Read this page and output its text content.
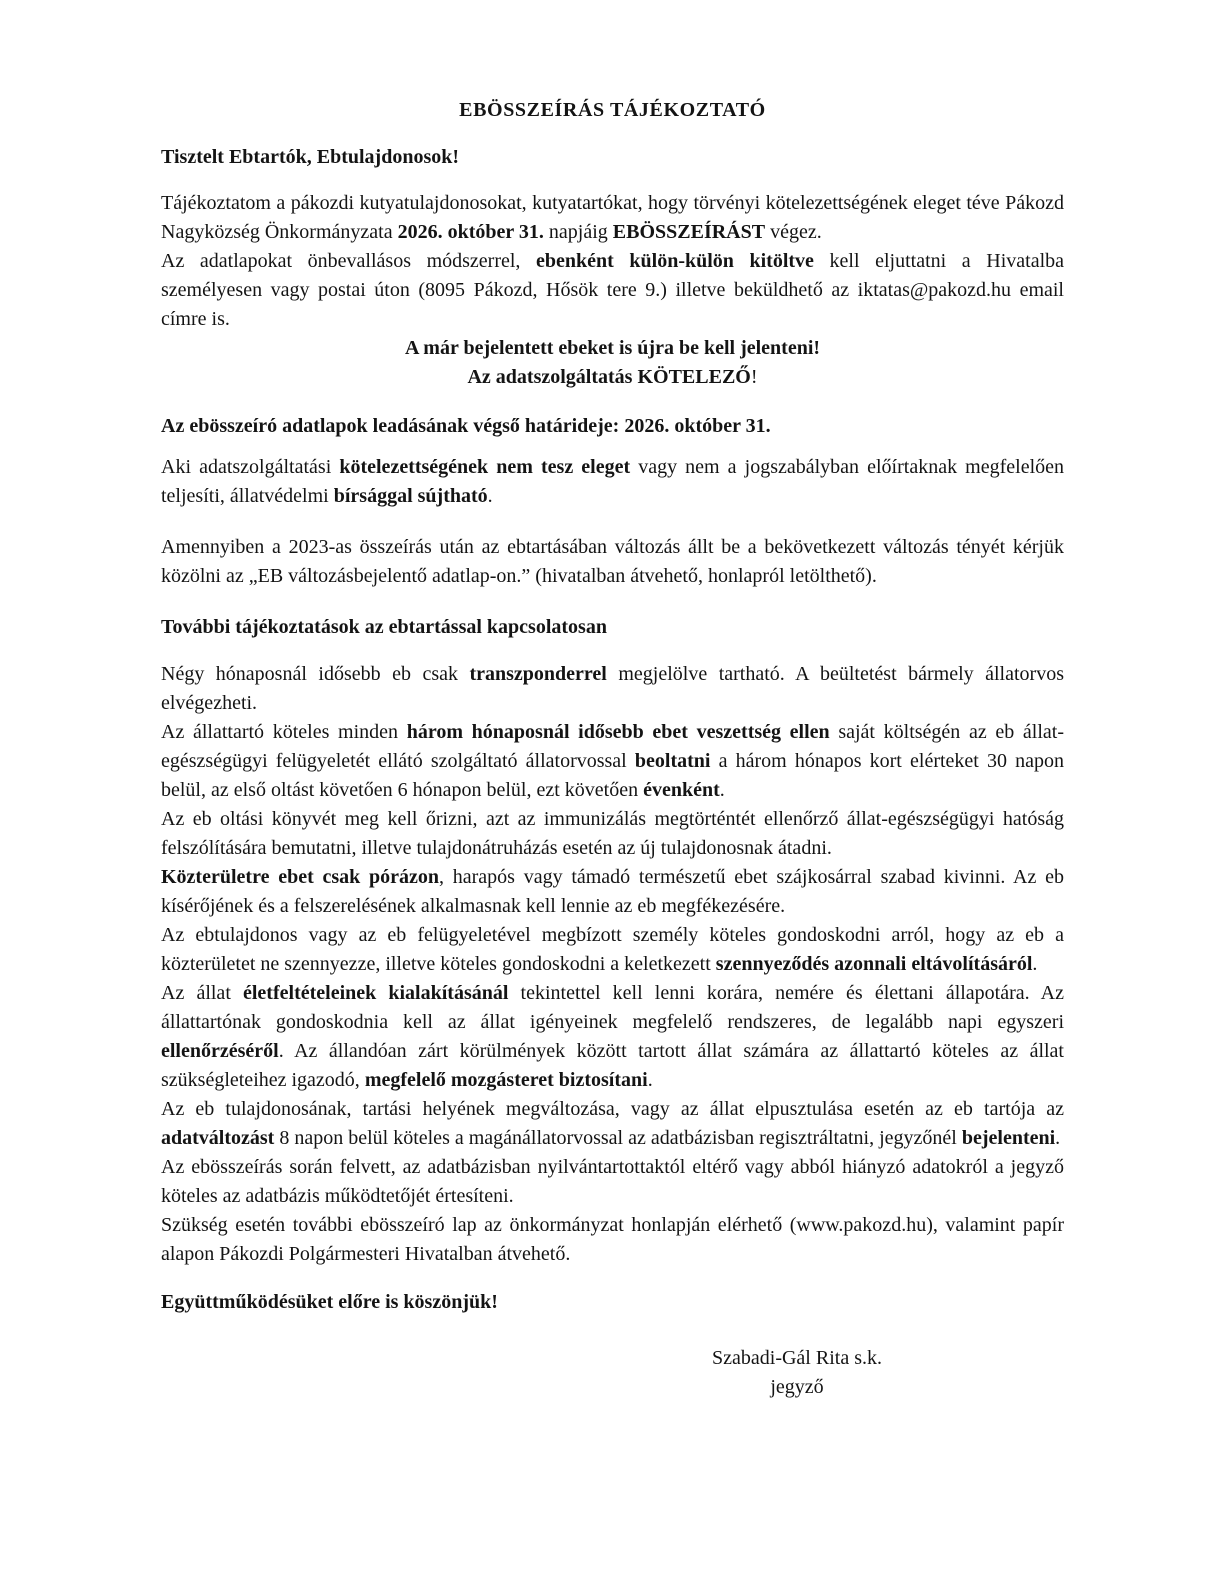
EBÖSSZEÍRÁS TÁJÉKOZTATÓ
Tisztelt Ebtartók, Ebtulajdonosok!

Tájékoztatom a pákozdi kutyatulajdonosokat, kutyatartókat, hogy törvényi kötelezettségének eleget téve Pákozd Nagyközség Önkormányzata 2026. október 31. napjáig EBÖSSZEÍRÁST végez.

Az adatlapokat önbevallásos módszerrel, ebenként külön-külön kitöltve kell eljuttatni a Hivatalba személyesen vagy postai úton (8095 Pákozd, Hősök tere 9.) illetve beküldhető az iktatas@pakozd.hu email címre is.

A már bejelentett ebeket is újra be kell jelenteni!

Az adatszolgáltatás KÖTELEZŐ!

Az ebösszeíró adatlapok leadásának végső határideje: 2026. október 31.

Aki adatszolgáltatási kötelezettségének nem tesz eleget vagy nem a jogszabályban előírtaknak megfelelően teljesíti, állatvédelmi bírsággal sújtható.

Amennyiben a 2023-as összeírás után az ebtartásában változás állt be a bekövetkezett változás tényét kérjük közölni az „EB változásbejelentő adatlap-on.” (hivatalban átvehető, honlapról letölthető).

További tájékoztatások az ebtartással kapcsolatosan

Négy hónaposnál idősebb eb csak transzponderrel megjelölve tartható. A beültetést bármely állatorvos elvégezheti.

Az állattartó köteles minden három hónaposnál idősebb ebet veszettség ellen saját költségén az eb állat-egészségügyi felügyeletét ellátó szolgáltató állatorvossal beoltatni a három hónapos kort elérteket 30 napon belül, az első oltást követően 6 hónapon belül, ezt követően évenként.

Az eb oltási könyvét meg kell őrizni, azt az immunizálás megtörténtét ellenőrző állat-egészségügyi hatóság felszólítására bemutatni, illetve tulajdonátruházás esetén az új tulajdonosnak átadni.

Közterületre ebet csak pórázon, harapós vagy támadó természetű ebet szájkosárral szabad kivinni. Az eb kísérőjének és a felszerelésének alkalmasnak kell lennie az eb megfékezésére.

Az ebtulajdonos vagy az eb felügyeletével megbízott személy köteles gondoskodni arról, hogy az eb a közterületet ne szennyezze, illetve köteles gondoskodni a keletkezett szennyeződés azonnali eltávolításáról.

Az állat életfeltételeinek kialakításánál tekintettel kell lenni korára, nemére és élettani állapotára. Az állattartónak gondoskodnia kell az állat igényeinek megfelelő rendszeres, de legalább napi egyszeri ellenőrzéséről. Az állandóan zárt körülmények között tartott állat számára az állattartó köteles az állat szükségleteihez igazodó, megfelelő mozgásteret biztosítani.

Az eb tulajdonosának, tartási helyének megváltozása, vagy az állat elpusztulása esetén az eb tartója az adatváltozást 8 napon belül köteles a magánállatorvossal az adatbázisban regisztráltatni, jegyzőnél bejelenteni.

Az ebösszeírás során felvett, az adatbázisban nyilvántartottaktól eltérő vagy abból hiányzó adatokról a jegyző köteles az adatbázis működtetőjét értesíteni.

Szükség esetén további ebösszeíró lap az önkormányzat honlapján elérhető (www.pakozd.hu), valamint papír alapon Pákozdi Polgármesteri Hivatalban átvehető.

Együttműködésüket előre is köszönjük!
Szabadi-Gál Rita s.k.
jegyző
